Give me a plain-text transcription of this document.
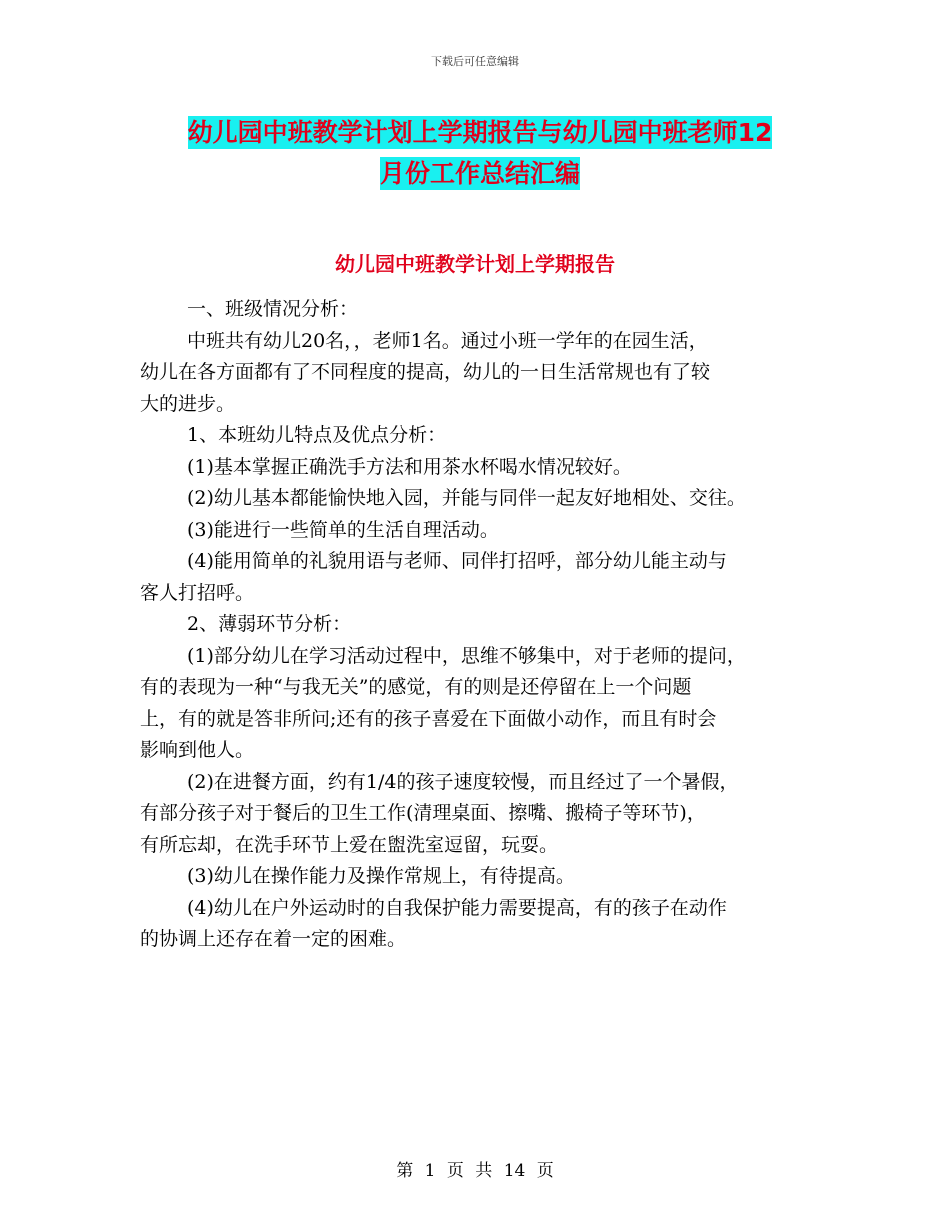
下载后可任意编辑
幼儿园中班教学计划上学期报告与幼儿园中班老师12
月份工作总结汇编
幼儿园中班教学计划上学期报告
一、班级情况分析：
中班共有幼儿20名，，老师1名。通过小班一学年的在园生活，
幼儿在各方面都有了不同程度的提高，幼儿的一日生活常规也有了较
大的进步。
1、本班幼儿特点及优点分析：
(1)基本掌握正确洗手方法和用茶水杯喝水情况较好。
(2)幼儿基本都能愉快地入园，并能与同伴一起友好地相处、交往。
(3)能进行一些简单的生活自理活动。
(4)能用简单的礼貌用语与老师、同伴打招呼，部分幼儿能主动与
客人打招呼。
2、薄弱环节分析：
(1)部分幼儿在学习活动过程中，思维不够集中，对于老师的提问，
有的表现为一种“与我无关”的感觉，有的则是还停留在上一个问题
上，有的就是答非所问;还有的孩子喜爱在下面做小动作，而且有时会
影响到他人。
(2)在进餐方面，约有1/4的孩子速度较慢，而且经过了一个暑假，
有部分孩子对于餐后的卫生工作(清理桌面、擦嘴、搬椅子等环节)，
有所忘却，在洗手环节上爱在盥洗室逗留，玩耍。
(3)幼儿在操作能力及操作常规上，有待提高。
(4)幼儿在户外运动时的自我保护能力需要提高，有的孩子在动作
的协调上还存在着一定的困难。
第 1 页 共 14 页
